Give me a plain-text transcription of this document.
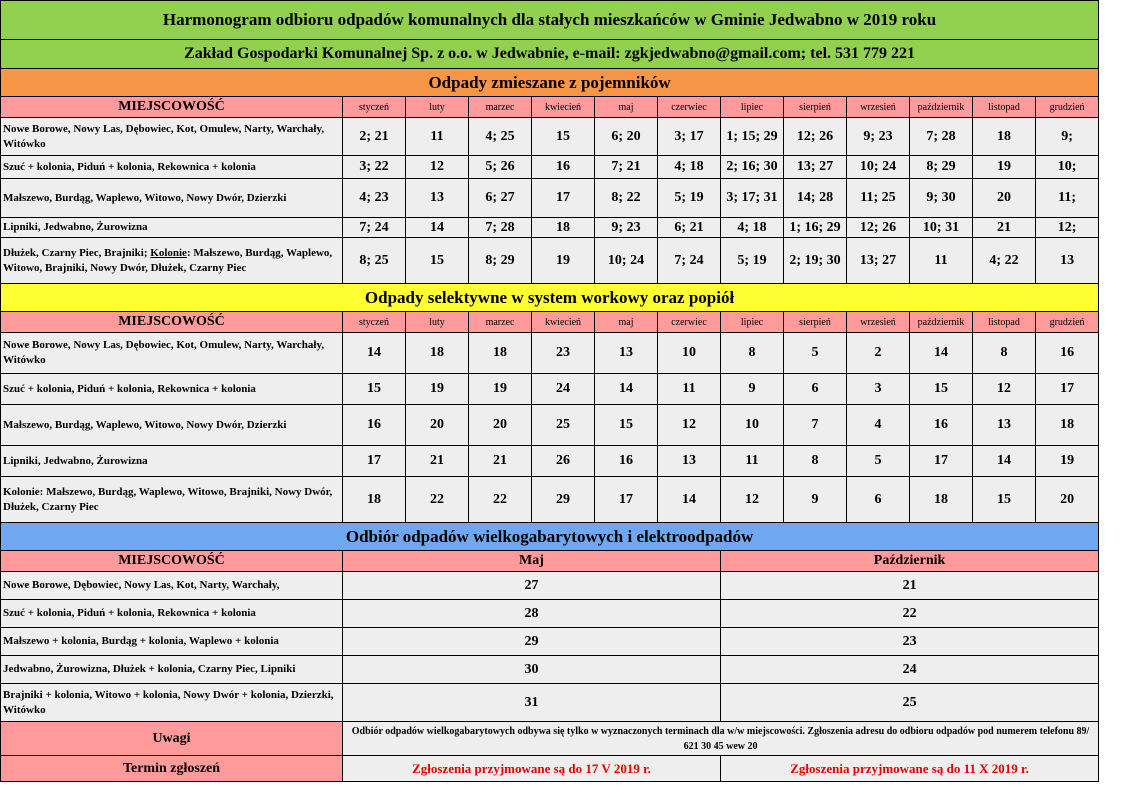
Harmonogram odbioru odpadów komunalnych dla stałych mieszkańców w Gminie Jedwabno w 2019 roku												
Zakład Gospodarki Komunalnej Sp. z o.o. w Jedwabnie, e-mail: zgkjedwabno@gmail.com; tel. 531 779 221												
Odpady zmieszane z pojemników												
MIEJSCOWOŚĆ	styczeń	luty	marzec	kwiecień	maj	czerwiec	lipiec	sierpień	wrzesień	październik	listopad	grudzień
Nowe Borowe, Nowy Las, Dębowiec, Kot, Omulew, Narty, Warchały, Witówko	2; 21	11	4; 25	15	6; 20	3; 17	1; 15; 29	12; 26	9; 23	7; 28	18	9;
Szuć + kolonia, Piduń + kolonia, Rekownica + kolonia	3; 22	12	5; 26	16	7; 21	4; 18	2; 16; 30	13; 27	10; 24	8; 29	19	10;
Małszewo, Burdąg, Waplewo, Witowo, Nowy Dwór, Dzierzki	4; 23	13	6; 27	17	8; 22	5; 19	3; 17; 31	14; 28	11; 25	9; 30	20	11;
Lipniki, Jedwabno, Żurowizna	7; 24	14	7; 28	18	9; 23	6; 21	4; 18	1; 16; 29	12; 26	10; 31	21	12;
Dłużek, Czarny Piec, Brajniki; Kolonie: Małszewo, Burdąg, Waplewo, Witowo, Brajniki, Nowy Dwór, Dłużek, Czarny Piec	8; 25	15	8; 29	19	10; 24	7; 24	5; 19	2; 19; 30	13; 27	11	4; 22	13
Odpady selektywne w system workowy oraz popiół												
MIEJSCOWOŚĆ	styczeń	luty	marzec	kwiecień	maj	czerwiec	lipiec	sierpień	wrzesień	październik	listopad	grudzień
Nowe Borowe, Nowy Las, Dębowiec, Kot, Omulew, Narty, Warchały, Witówko	14	18	18	23	13	10	8	5	2	14	8	16
Szuć + kolonia, Piduń + kolonia, Rekownica + kolonia	15	19	19	24	14	11	9	6	3	15	12	17
Małszewo, Burdąg, Waplewo, Witowo, Nowy Dwór, Dzierzki	16	20	20	25	15	12	10	7	4	16	13	18
Lipniki, Jedwabno, Żurowizna	17	21	21	26	16	13	11	8	5	17	14	19
Kolonie: Małszewo, Burdąg, Waplewo, Witowo, Brajniki, Nowy Dwór, Dłużek, Czarny Piec	18	22	22	29	17	14	12	9	6	18	15	20
Odbiór odpadów wielkogabarytowych i elektroodpadów												
MIEJSCOWOŚĆ	Maj						Październik					
Nowe Borowe, Dębowiec, Nowy Las, Kot, Narty, Warchały,	27						21					
Szuć + kolonia, Piduń + kolonia, Rekownica + kolonia	28						22					
Małszewo + kolonia, Burdąg + kolonia, Waplewo + kolonia	29						23					
Jedwabno, Żurowizna, Dłużek + kolonia, Czarny Piec, Lipniki	30						24					
Brajniki + kolonia, Witowo + kolonia, Nowy Dwór + kolonia, Dzierzki, Witówko	31						25					
Uwagi	Odbiór odpadów wielkogabarytowych odbywa się tylko w wyznaczonych terminach dla w/w miejscowości. Zgłoszenia adresu do odbioru odpadów pod numerem telefonu 89/ 621 30 45 wew 20											
Termin zgłoszeń	Zgłoszenia przyjmowane są do 17 V 2019 r.						Zgłoszenia przyjmowane są do 11 X 2019 r.					
